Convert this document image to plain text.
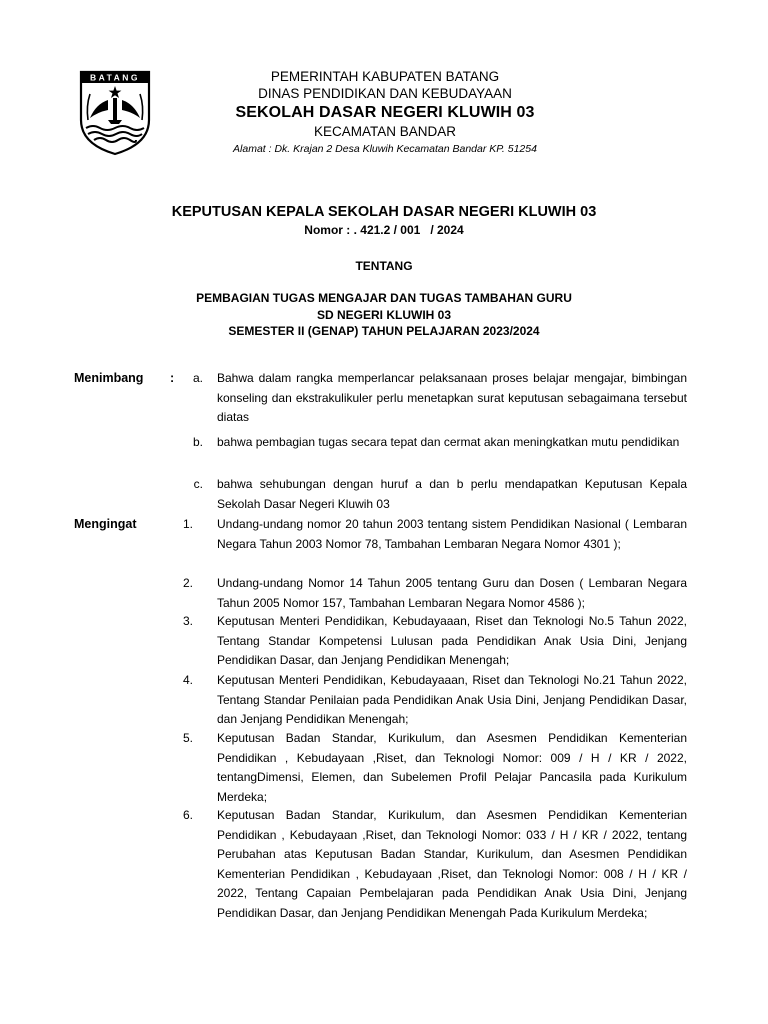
BATANG	PEMERINTAH KABUPATEN BATANG
DINAS PENDIDIKAN DAN KEBUDAYAAN
SEKOLAH DASAR NEGERI KLUWIH 03
KECAMATAN BANDAR
Alamat : Dk. Krajan 2 Desa Kluwih Kecamatan Bandar KP. 51254
KEPUTUSAN KEPALA SEKOLAH DASAR NEGERI KLUWIH 03
Nomor : . 421.2 / 001   / 2024
TENTANG
PEMBAGIAN TUGAS MENGAJAR DAN TUGAS TAMBAHAN GURU
SD NEGERI KLUWIH 03
SEMESTER II (GENAP) TAHUN PELAJARAN 2023/2024
Menimbang :	a. Bahwa dalam rangka memperlancar pelaksanaan proses belajar mengajar, bimbingan konseling dan ekstrakulikuler perlu menetapkan surat keputusan sebagaimana tersebut diatas
b. bahwa pembagian tugas secara tepat dan cermat akan meningkatkan mutu pendidikan
c. bahwa sehubungan dengan huruf a dan b perlu mendapatkan Keputusan Kepala Sekolah Dasar Negeri Kluwih 03
Mengingat	1. Undang-undang nomor 20 tahun 2003 tentang sistem Pendidikan Nasional ( Lembaran Negara Tahun 2003 Nomor 78, Tambahan Lembaran Negara Nomor 4301 );
2. Undang-undang Nomor 14 Tahun 2005 tentang Guru dan Dosen ( Lembaran Negara Tahun 2005 Nomor 157, Tambahan Lembaran Negara Nomor 4586 );
3. Keputusan Menteri Pendidikan, Kebudayaaan, Riset dan Teknologi No.5 Tahun 2022, Tentang Standar Kompetensi Lulusan pada Pendidikan Anak Usia Dini, Jenjang Pendidikan Dasar, dan Jenjang Pendidikan Menengah;
4. Keputusan Menteri Pendidikan, Kebudayaaan, Riset dan Teknologi No.21 Tahun 2022, Tentang Standar Penilaian pada Pendidikan Anak Usia Dini, Jenjang Pendidikan Dasar, dan Jenjang Pendidikan Menengah;
5. Keputusan Badan Standar, Kurikulum, dan Asesmen Pendidikan Kementerian Pendidikan , Kebudayaan ,Riset, dan Teknologi Nomor: 009 / H / KR / 2022, tentangDimensi, Elemen, dan Subelemen Profil Pelajar Pancasila pada Kurikulum Merdeka;
6. Keputusan Badan Standar, Kurikulum, dan Asesmen Pendidikan Kementerian Pendidikan , Kebudayaan ,Riset, dan Teknologi Nomor: 033 / H / KR / 2022, tentang Perubahan atas Keputusan Badan Standar, Kurikulum, dan Asesmen Pendidikan Kementerian Pendidikan , Kebudayaan ,Riset, dan Teknologi Nomor: 008 / H / KR / 2022, Tentang Capaian Pembelajaran pada Pendidikan Anak Usia Dini, Jenjang Pendidikan Dasar, dan Jenjang Pendidikan Menengah Pada Kurikulum Merdeka;
